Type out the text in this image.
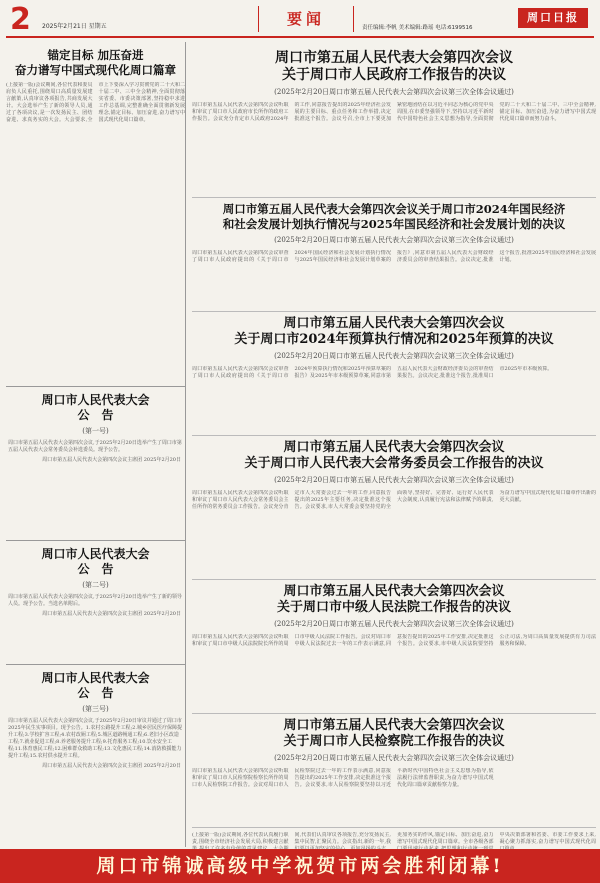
2 2025年2月21日 星期五	要闻	责任编辑:李帆 美术编辑:路瑶 电话:6199516
周口日报
锚定目标 加压奋进
奋力谱写中国式现代化周口篇章
(上接第一版)会议期间,各位代表和委员肩负人民重托,围绕周口高质量发展建言献策,认真审议各项报告,共商发展大计。大会选举产生了新的领导人员,通过了各项决议,是一次发扬民主、团结奋进、求真务实的大会。大会要求,全市上下要深入学习贯彻党的二十大和二十届二中、三中全会精神,全面贯彻落实省委、市委决策部署,坚持稳中求进工作总基调,完整准确全面贯彻新发展理念,锚定目标、加压奋进,奋力谱写中国式现代化周口篇章。
周口市人民代表大会
公　告
(第一号)
周口市第五届人民代表大会第四次会议,于2025年2月20日选举产生了周口市第五届人民代表大会常务委员会补选委员。现予公告。
周口市第五届人民代表大会第四次会议主席团 2025年2月20日
周口市人民代表大会
公　告
(第二号)
周口市第五届人民代表大会第四次会议,于2025年2月20日选举产生了新的领导人员。现予公告。当选名单附后。
周口市第五届人民代表大会第四次会议主席团 2025年2月20日
周口市人民代表大会
公　告
(第三号)
周口市第五届人民代表大会第四次会议,于2025年2月20日审议并通过了周口市2025年民生实事项目。现予公告。1.农村公路提升工程;2.城乡居民医疗保障提升工程;3.学校扩容工程;4.农村改厕工程;5.城区道路畅通工程;6.老旧小区改造工程;7.就业促进工程;8.养老服务提升工程;9.托育服务工程;10.饮水安全工程;11.体育惠民工程;12.困难群众救助工程;13.文化惠民工程;14.消防救援能力提升工程;15.农村供水提升工程。
周口市第五届人民代表大会第四次会议主席团 2025年2月20日
周口市第五届人民代表大会第四次会议
关于周口市人民政府工作报告的决议
(2025年2月20日周口市第五届人民代表大会第四次会议第三次全体会议通过)
周口市第五届人民代表大会第四次会议听取和审议了周口市人民政府市长所作的政府工作报告。会议充分肯定市人民政府2024年的工作,同意报告提出的2025年经济社会发展的主要目标、重点任务和工作举措,决定批准这个报告。会议号召,全市上下要更加紧密地团结在以习近平同志为核心的党中央周围,在市委坚强领导下,坚持以习近平新时代中国特色社会主义思想为指导,全面贯彻党的二十大和二十届二中、三中全会精神,锚定目标、加压奋进,为奋力谱写中国式现代化周口篇章而努力奋斗。
周口市第五届人民代表大会第四次会议关于周口市2024年国民经济
和社会发展计划执行情况与2025年国民经济和社会发展计划的决议
(2025年2月20日周口市第五届人民代表大会第四次会议第三次全体会议通过)
周口市第五届人民代表大会第四次会议审查了周口市人民政府提出的《关于周口市2024年国民经济和社会发展计划执行情况与2025年国民经济和社会发展计划草案的报告》,同意市第五届人民代表大会财政经济委员会的审查结果报告。会议决定,批准这个报告,批准2025年国民经济和社会发展计划。
周口市第五届人民代表大会第四次会议
关于周口市2024年预算执行情况和2025年预算的决议
(2025年2月20日周口市第五届人民代表大会第四次会议第三次全体会议通过)
周口市第五届人民代表大会第四次会议审查了周口市人民政府提出的《关于周口市2024年预算执行情况和2025年预算草案的报告》及2025年市本级预算草案,同意市第五届人民代表大会财政经济委员会的审查结果报告。会议决定,批准这个报告,批准周口市2025年市本级预算。
周口市第五届人民代表大会第四次会议
关于周口市人民代表大会常务委员会工作报告的决议
(2025年2月20日周口市第五届人民代表大会第四次会议第三次全体会议通过)
周口市第五届人民代表大会第四次会议听取和审议了周口市人民代表大会常务委员会主任所作的常务委员会工作报告。会议充分肯定市人大常委会过去一年的工作,同意报告提出的2025年主要任务,决定批准这个报告。会议要求,市人大常委会要坚持党的全面领导,坚持好、完善好、运行好人民代表大会制度,认真履行宪法和法律赋予的职责,为奋力谱写中国式现代化周口篇章作出新的更大贡献。
周口市第五届人民代表大会第四次会议
关于周口市中级人民法院工作报告的决议
(2025年2月20日周口市第五届人民代表大会第四次会议第三次全体会议通过)
周口市第五届人民代表大会第四次会议听取和审议了周口市中级人民法院院长所作的周口市中级人民法院工作报告。会议对周口市中级人民法院过去一年的工作表示满意,同意报告提出的2025年工作安排,决定批准这个报告。会议要求,市中级人民法院要坚持公正司法,为周口高质量发展提供有力司法服务和保障。
周口市第五届人民代表大会第四次会议
关于周口市人民检察院工作报告的决议
(2025年2月20日周口市第五届人民代表大会第四次会议第三次全体会议通过)
周口市第五届人民代表大会第四次会议听取和审议了周口市人民检察院检察长所作的周口市人民检察院工作报告。会议对周口市人民检察院过去一年的工作表示满意,同意报告提出的2025年工作安排,决定批准这个报告。会议要求,市人民检察院要坚持以习近平新时代中国特色社会主义思想为指导,依法履行法律监督职责,为奋力谱写中国式现代化周口篇章贡献检察力量。
(上接第一版)会议期间,各位代表认真履行职责,围绕全市经济社会发展大局,积极建言献 间,代表们认真审议各项报告,充分发扬民主,集中民智,汇聚民力。会议指出,新的一年,我 更加务实的作风,锚定目标、加压奋进,奋力谱写中国式现代化周口篇章。全市各级各部 中央决策部署和省委、市委工作要求上来,凝心聚力抓落实,奋力谱写中国式现代化周
周口市锦诚高级中学祝贺市两会胜利闭幕!
